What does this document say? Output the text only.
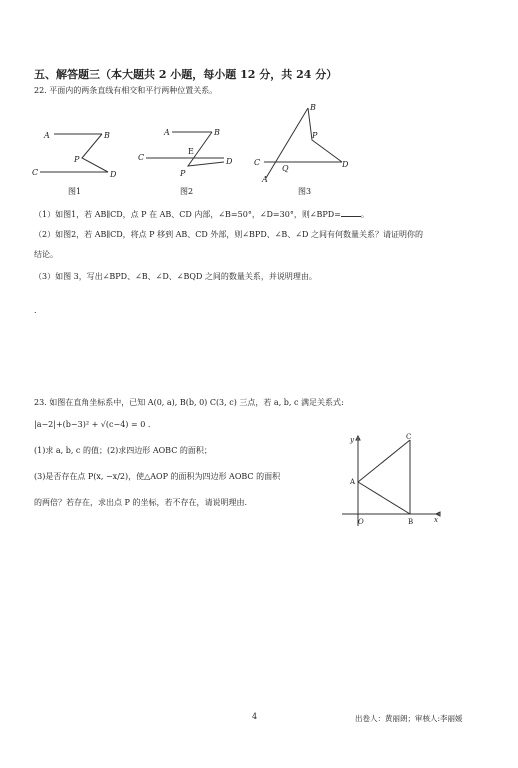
五、解答题三（本大题共 2 小题，每小题 12 分，共 24 分）
22. 平面内的两条直线有相交和平行两种位置关系。
A	B
P
C	D
图1
A	B
E
C	D
P
图2
B
P
C
Q	D
A
图3
（1）如图1，若 AB∥CD，点 P 在 AB、CD 内部，∠B=50°，∠D=30°，则∠BPD=	。
（2）如图2，若 AB∥CD，将点 P 移到 AB、CD 外部，则∠BPD、∠B、∠D 之间有何数量关系？请证明你的
结论。
（3）如图 3，写出∠BPD、∠B、∠D、∠BQD 之间的数量关系，并说明理由。
.
23. 如图在直角坐标系中，已知 A(0, a), B(b, 0) C(3, c) 三点，若 a, b, c 满足关系式:
|a−2|+(b−3)² + √(c−4) = 0 .
(1)求 a, b, c 的值；(2)求四边形 AOBC 的面积；
(3)是否存在点 P(x, −x/2)，使△AOP 的面积为四边形 AOBC 的面积
的两倍？若存在，求出点 P 的坐标，若不存在，请说明理由.
y	C
A
O	B	x
4	出卷人：黄丽朗；审核人:李丽媛
